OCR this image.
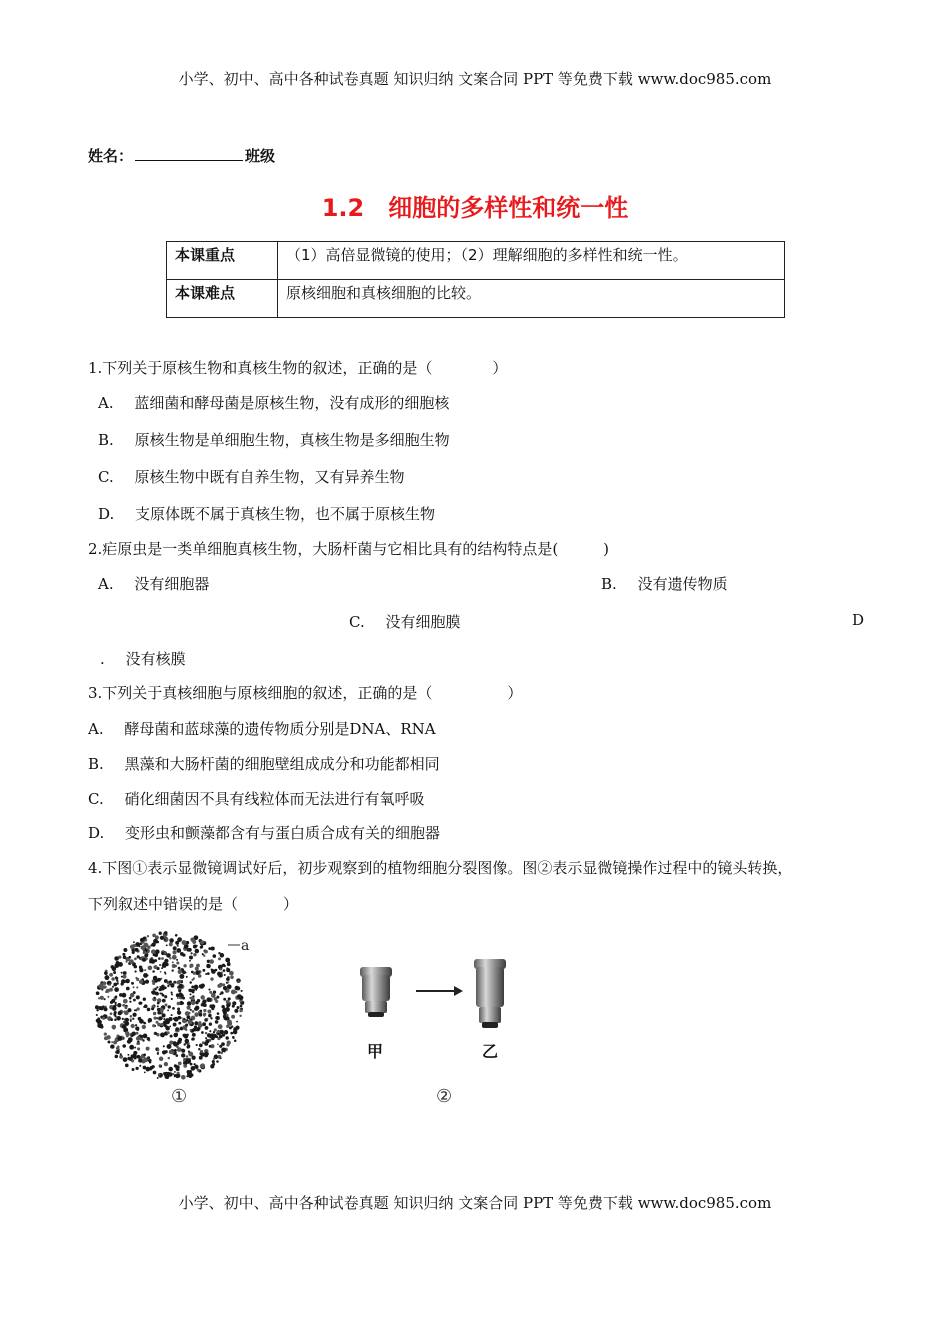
小学、初中、高中各种试卷真题 知识归纳 文案合同 PPT 等免费下载 www.doc985.com
姓名：	班级
1.2　细胞的多样性和统一性
本课重点	（1）高倍显微镜的使用；（2）理解细胞的多样性和统一性。
本课难点	原核细胞和真核细胞的比较。
1.下列关于原核生物和真核生物的叙述，正确的是（　　　　）
A. 蓝细菌和酵母菌是原核生物，没有成形的细胞核
B. 原核生物是单细胞生物，真核生物是多细胞生物
C. 原核生物中既有自养生物，又有异养生物
D. 支原体既不属于真核生物，也不属于原核生物
2.疟原虫是一类单细胞真核生物，大肠杆菌与它相比具有的结构特点是(　　　)
A. 没有细胞器	B. 没有遗传物质
C. 没有细胞膜	D
. 没有核膜
3.下列关于真核细胞与原核细胞的叙述，正确的是（　　　　　）
A. 酵母菌和蓝球藻的遗传物质分别是DNA、RNA
B. 黑藻和大肠杆菌的细胞壁组成成分和功能都相同
C. 硝化细菌因不具有线粒体而无法进行有氧呼吸
D. 变形虫和颤藻都含有与蛋白质合成有关的细胞器
4.下图①表示显微镜调试好后，初步观察到的植物细胞分裂图像。图②表示显微镜操作过程中的镜头转换，
下列叙述中错误的是（　　　）
a
①
甲	乙
②
小学、初中、高中各种试卷真题 知识归纳 文案合同 PPT 等免费下载 www.doc985.com
